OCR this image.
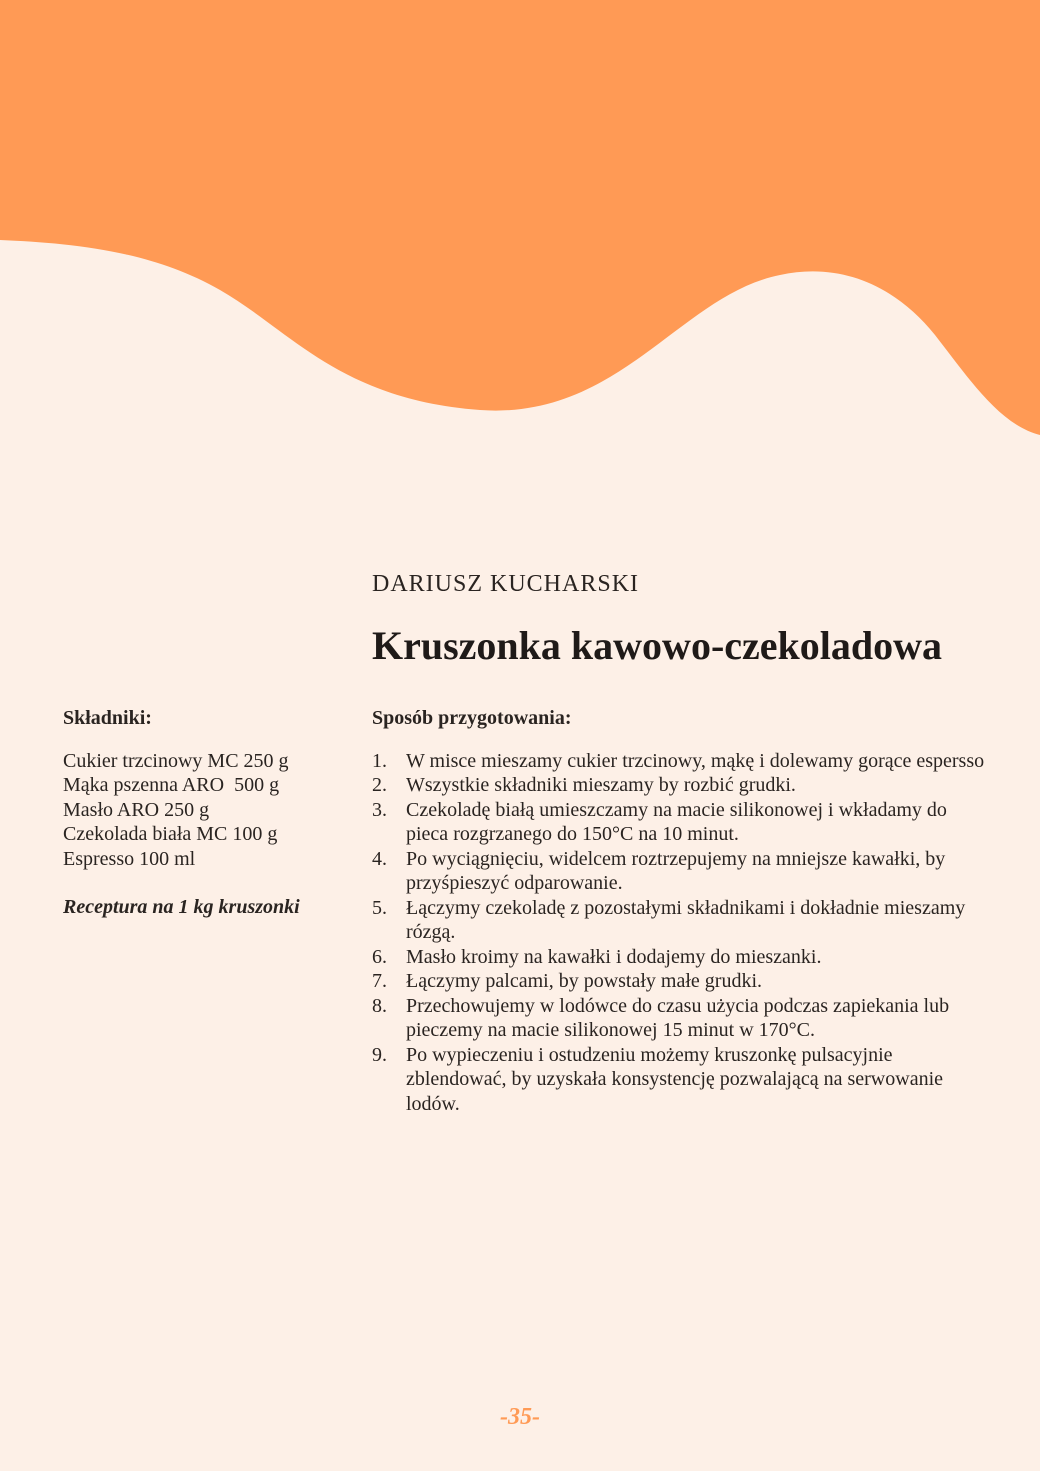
DARIUSZ KUCHARSKI
Kruszonka kawowo-czekoladowa
Składniki:
Cukier trzcinowy MC 250 g
Mąka pszenna ARO  500 g
Masło ARO 250 g
Czekolada biała MC 100 g
Espresso 100 ml
Receptura na 1 kg kruszonki
Sposób przygotowania:
1. W misce mieszamy cukier trzcinowy, mąkę i dolewamy gorące espersso
2. Wszystkie składniki mieszamy by rozbić grudki.
3. Czekoladę białą umieszczamy na macie silikonowej i wkładamy do pieca rozgrzanego do 150°C na 10 minut.
4. Po wyciągnięciu, widelcem roztrzepujemy na mniejsze kawałki, by przyśpieszyć odparowanie.
5. Łączymy czekoladę z pozostałymi składnikami i dokładnie mieszamy rózgą.
6. Masło kroimy na kawałki i dodajemy do mieszanki.
7. Łączymy palcami, by powstały małe grudki.
8. Przechowujemy w lodówce do czasu użycia podczas zapiekania lub pieczemy na macie silikonowej 15 minut w 170°C.
9. Po wypieczeniu i ostudzeniu możemy kruszonkę pulsacyjnie zblendować, by uzyskała konsystencję pozwalającą na serwowanie lodów.
-35-
